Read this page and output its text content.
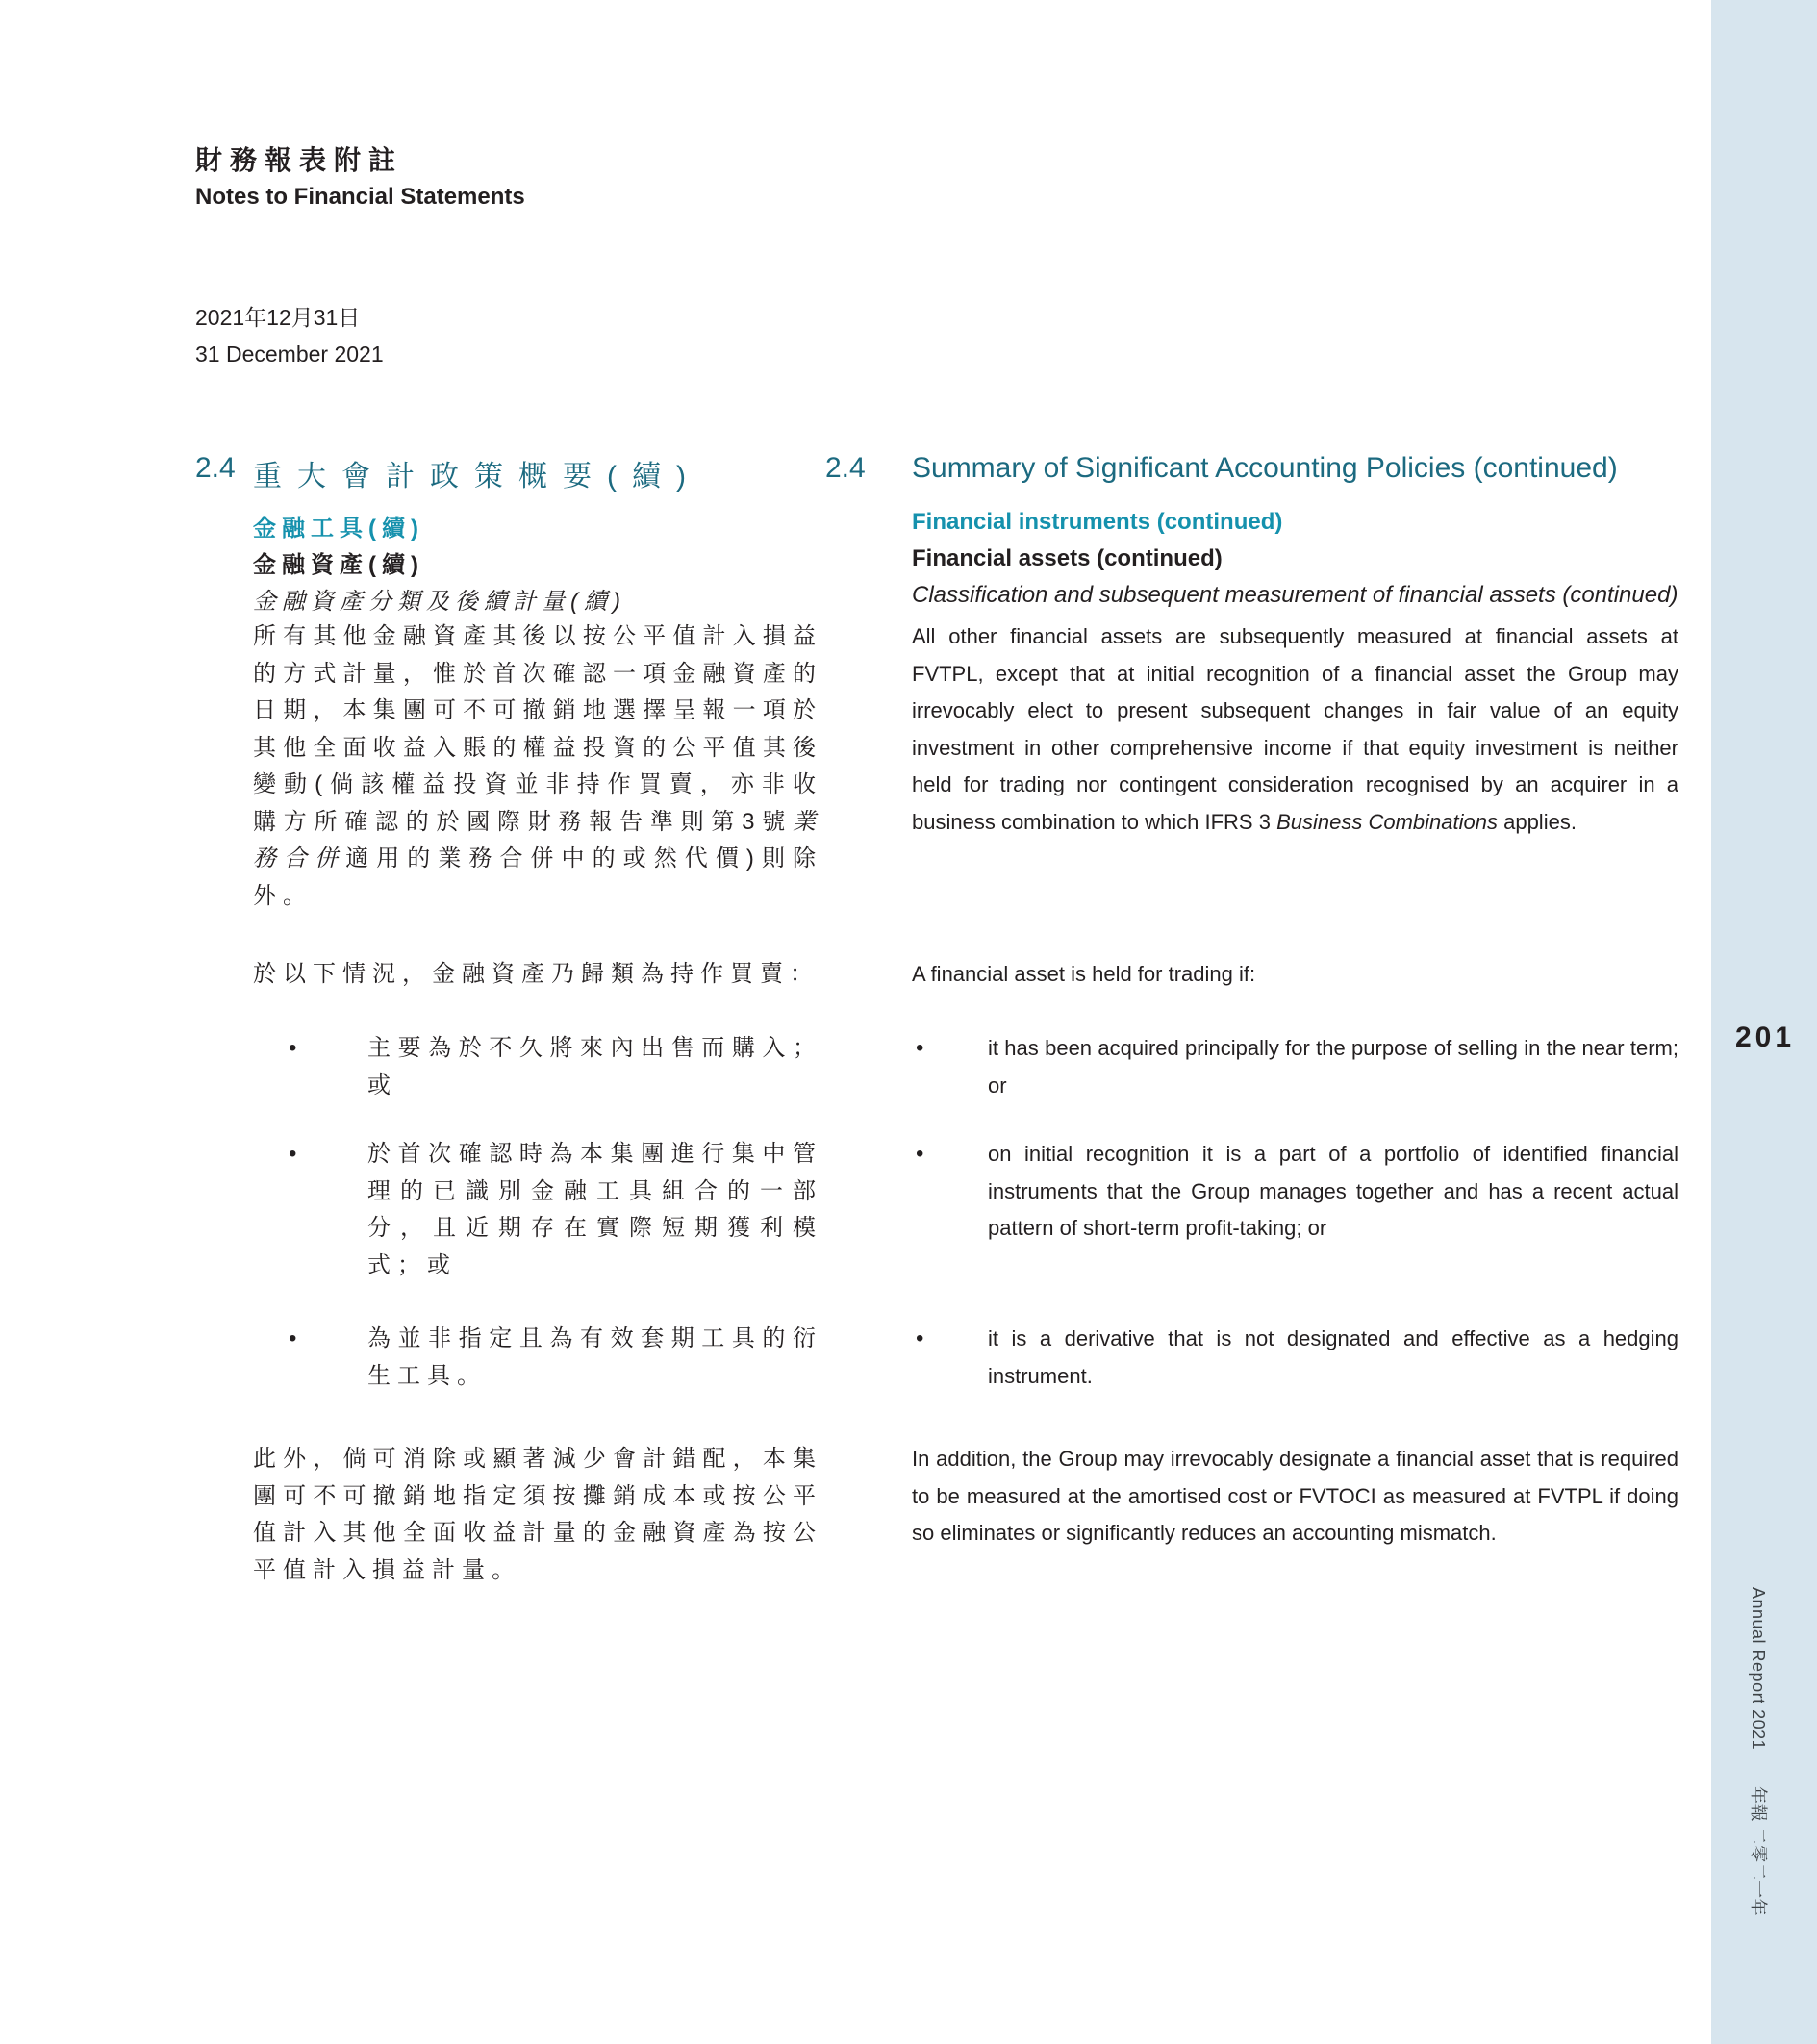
201
Annual Report 2021年報 二零二一年
財務報表附註
Notes to Financial Statements
2021年12月31日
31 December 2021
2.4 重大會計政策概要(續)	2.4 Summary of Significant Accounting Policies (continued)
金融工具(續)
金融資產(續)
金融資產分類及後續計量(續)
Financial instruments (continued)
Financial assets (continued)
Classification and subsequent measurement of financial assets (continued)
所有其他金融資產其後以按公平值計入損益的方式計量，惟於首次確認一項金融資產的日期，本集團可不可撤銷地選擇呈報一項於其他全面收益入賬的權益投資的公平值其後變動(倘該權益投資並非持作買賣，亦非收購方所確認的於國際財務報告準則第3號業務合併適用的業務合併中的或然代價)則除外。
All other financial assets are subsequently measured at financial assets at FVTPL, except that at initial recognition of a financial asset the Group may irrevocably elect to present subsequent changes in fair value of an equity investment in other comprehensive income if that equity investment is neither held for trading nor contingent consideration recognised by an acquirer in a business combination to which IFRS 3 Business Combinations applies.
於以下情況，金融資產乃歸類為持作買賣：	A financial asset is held for trading if:
•	主要為於不久將來內出售而購入；或
•	it has been acquired principally for the purpose of selling in the near term; or
•	於首次確認時為本集團進行集中管理的已識別金融工具組合的一部分，且近期存在實際短期獲利模式；或
•	on initial recognition it is a part of a portfolio of identified financial instruments that the Group manages together and has a recent actual pattern of short-term profit-taking; or
•	為並非指定且為有效套期工具的衍生工具。
•	it is a derivative that is not designated and effective as a hedging instrument.
此外，倘可消除或顯著減少會計錯配，本集團可不可撤銷地指定須按攤銷成本或按公平值計入其他全面收益計量的金融資產為按公平值計入損益計量。
In addition, the Group may irrevocably designate a financial asset that is required to be measured at the amortised cost or FVTOCI as measured at FVTPL if doing so eliminates or significantly reduces an accounting mismatch.
